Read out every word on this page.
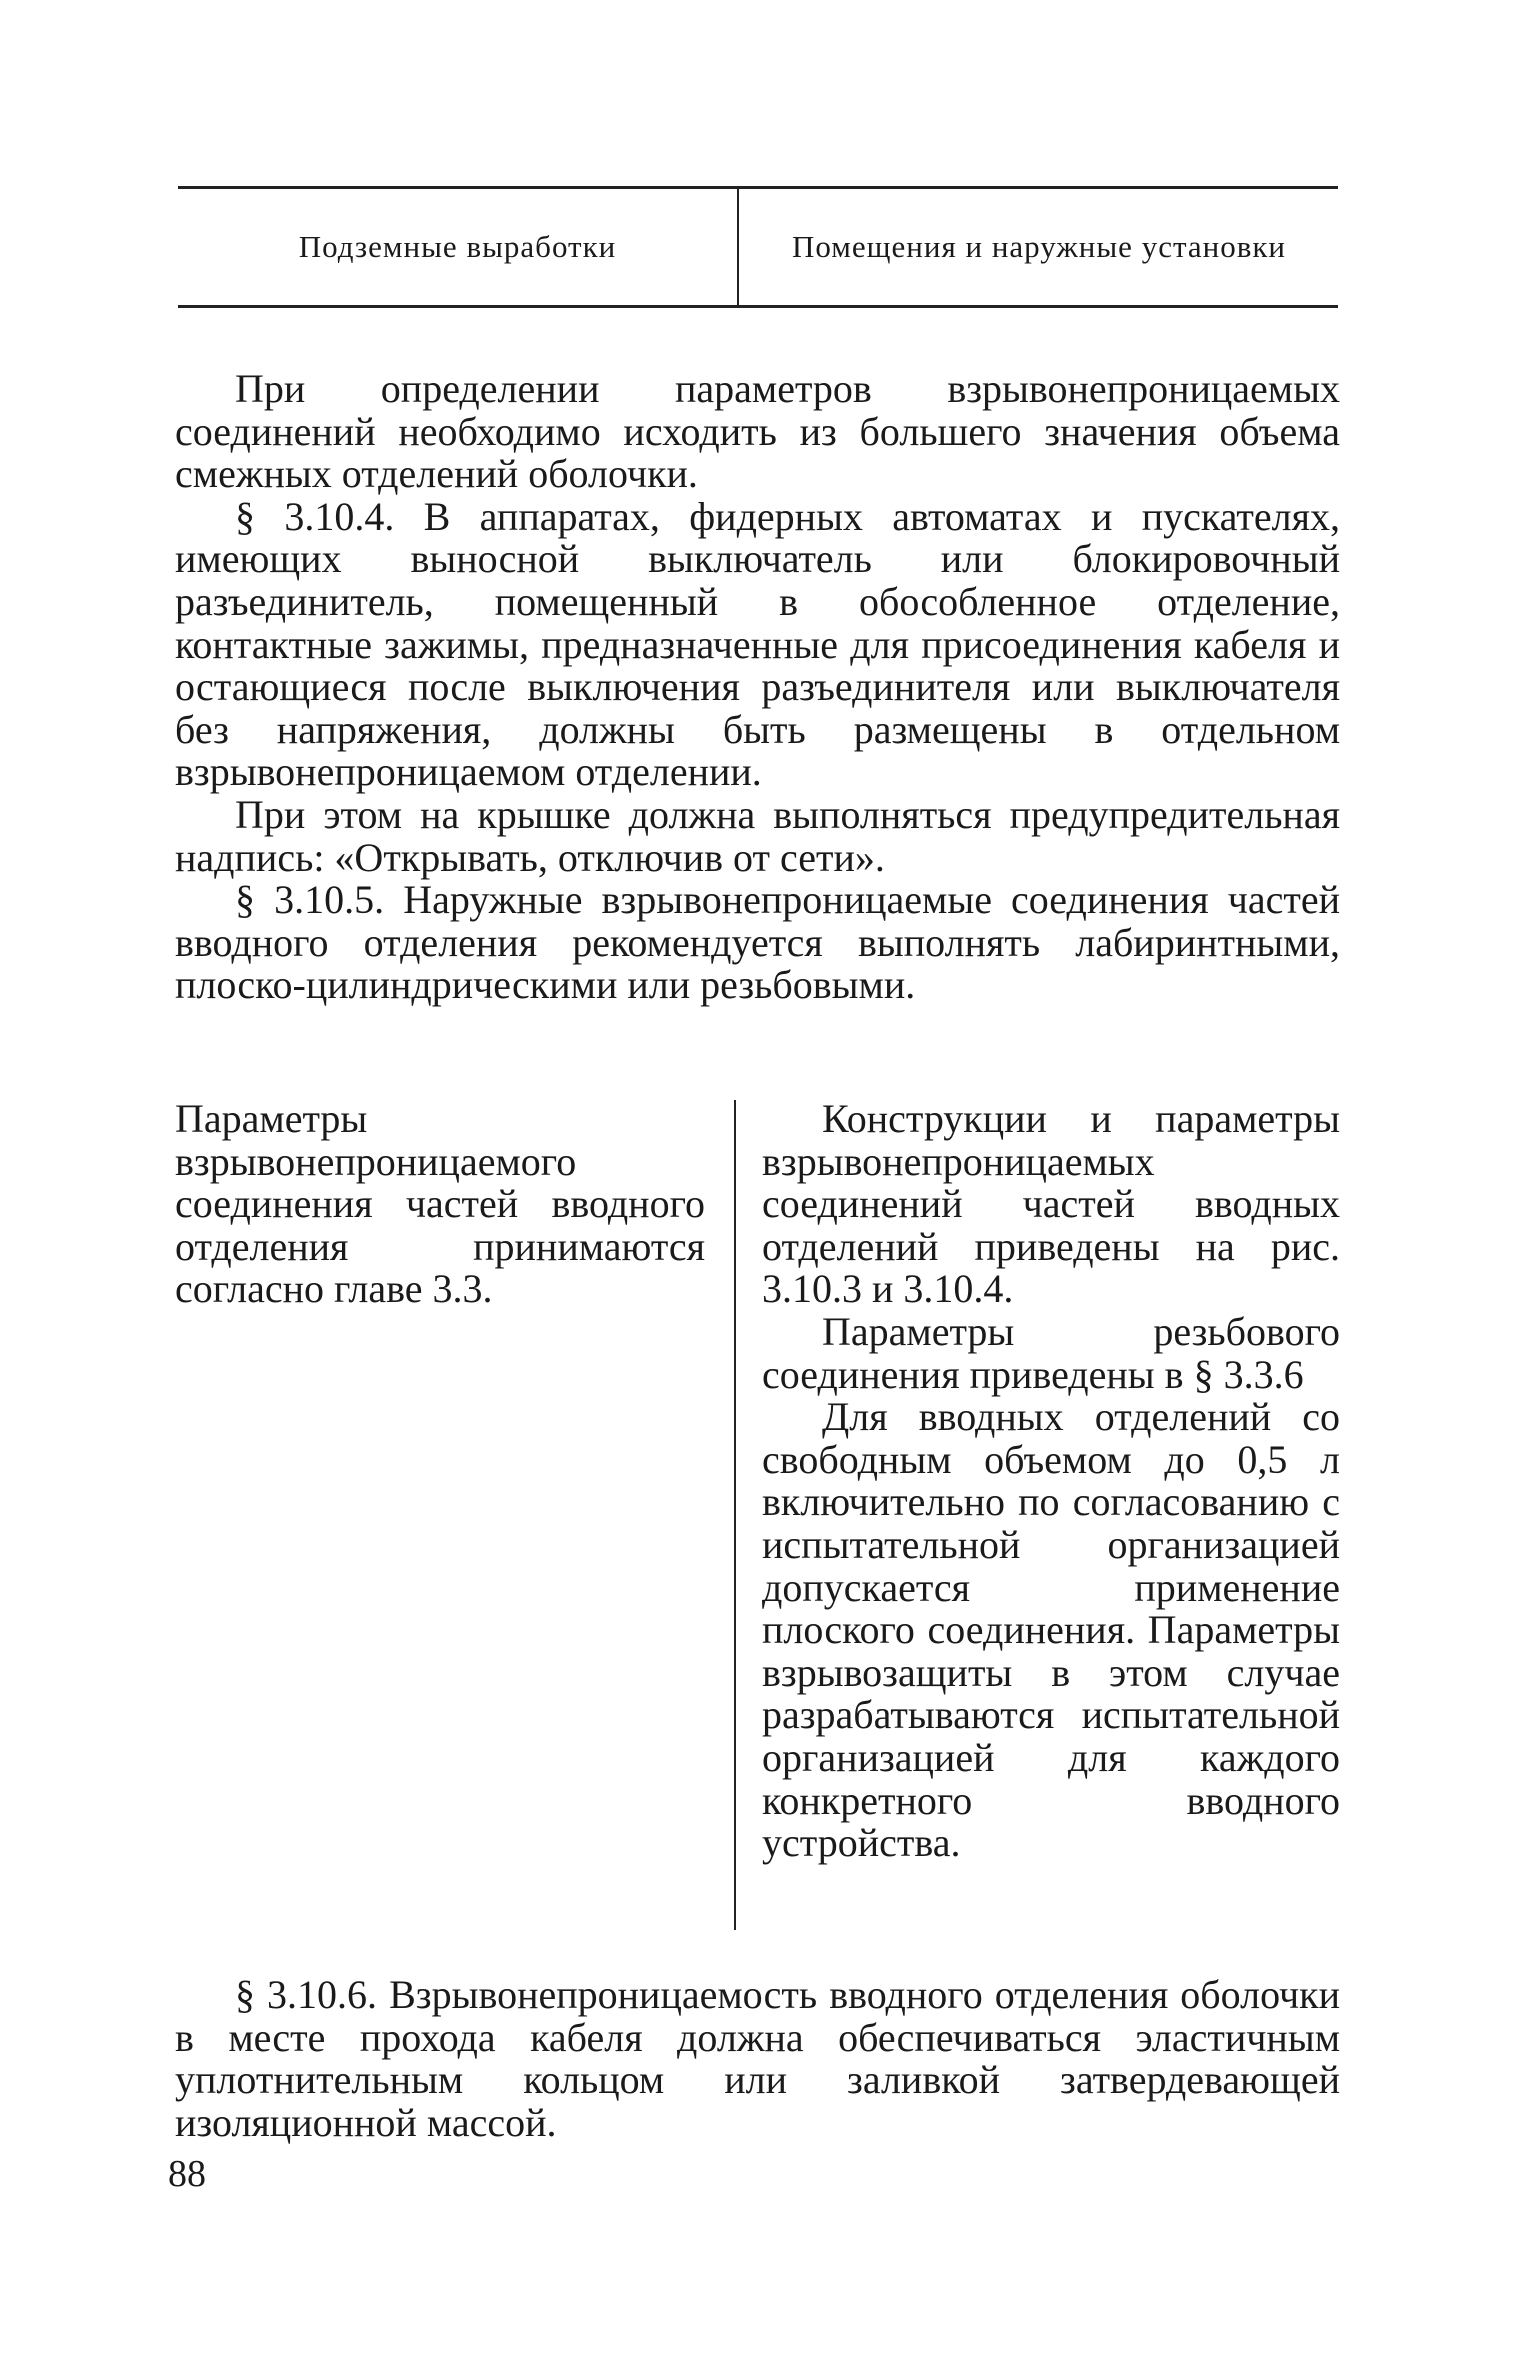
Подземные выработки	Помещения и наружные установки

При определении параметров взрывонепроницаемых соединений необходимо исходить из большего значения объема смежных отделений оболочки.

§ 3.10.4. В аппаратах, фидерных автоматах и пускателях, имеющих выносной выключатель или блокировочный разъединитель, помещенный в обособленное отделение, контактные зажимы, предназначенные для присоединения кабеля и остающиеся после выключения разъединителя или выключателя без напряжения, должны быть размещены в отдельном взрывонепроницаемом отделении.

При этом на крышке должна выполняться предупредительная надпись: «Открывать, отключив от сети».

§ 3.10.5. Наружные взрывонепроницаемые соединения частей вводного отделения рекомендуется выполнять лабиринтными, плоско-цилиндрическими или резьбовыми.

Параметры взрывонепроницаемого соединения частей вводного отделения принимаются согласно главе 3.3.

Конструкции и параметры взрывонепроницаемых соединений частей вводных отделений приведены на рис. 3.10.3 и 3.10.4.

Параметры резьбового соединения приведены в § 3.3.6

Для вводных отделений со свободным объемом до 0,5 л включительно по согласованию с испытательной организацией допускается применение плоского соединения. Параметры взрывозащиты в этом случае разрабатываются испытательной организацией для каждого конкретного вводного устройства.

§ 3.10.6. Взрывонепроницаемость вводного отделения оболочки в месте прохода кабеля должна обеспечиваться эластичным уплотнительным кольцом или заливкой затвердевающей изоляционной массой.

88
